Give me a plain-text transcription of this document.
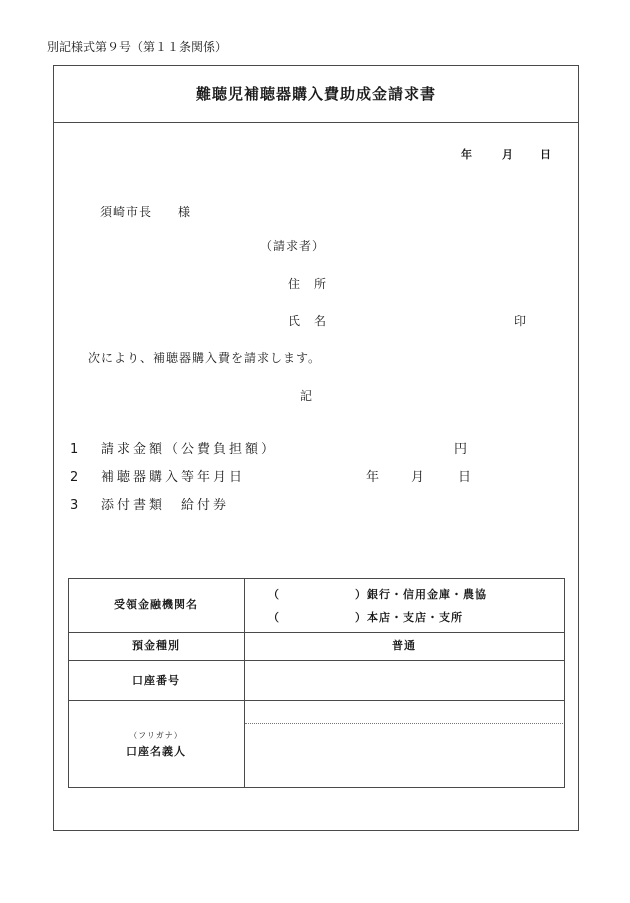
別記様式第９号（第１１条関係）
難聴児補聴器購入費助成金請求書
年	月 日
須崎市長　　様
（請求者）
住　所
氏　名	印
次により、補聴器購入費を請求します。
記
1 請求金額（公費負担額）	円
2 補聴器購入等年月日	年 月 日
3 添付書類　給付券
受領金融機関名
（	） 銀行・信用金庫・農協
（	） 本店・支店・支所
預金種別	普通
口座番号
（フリガナ）
口座名義人
